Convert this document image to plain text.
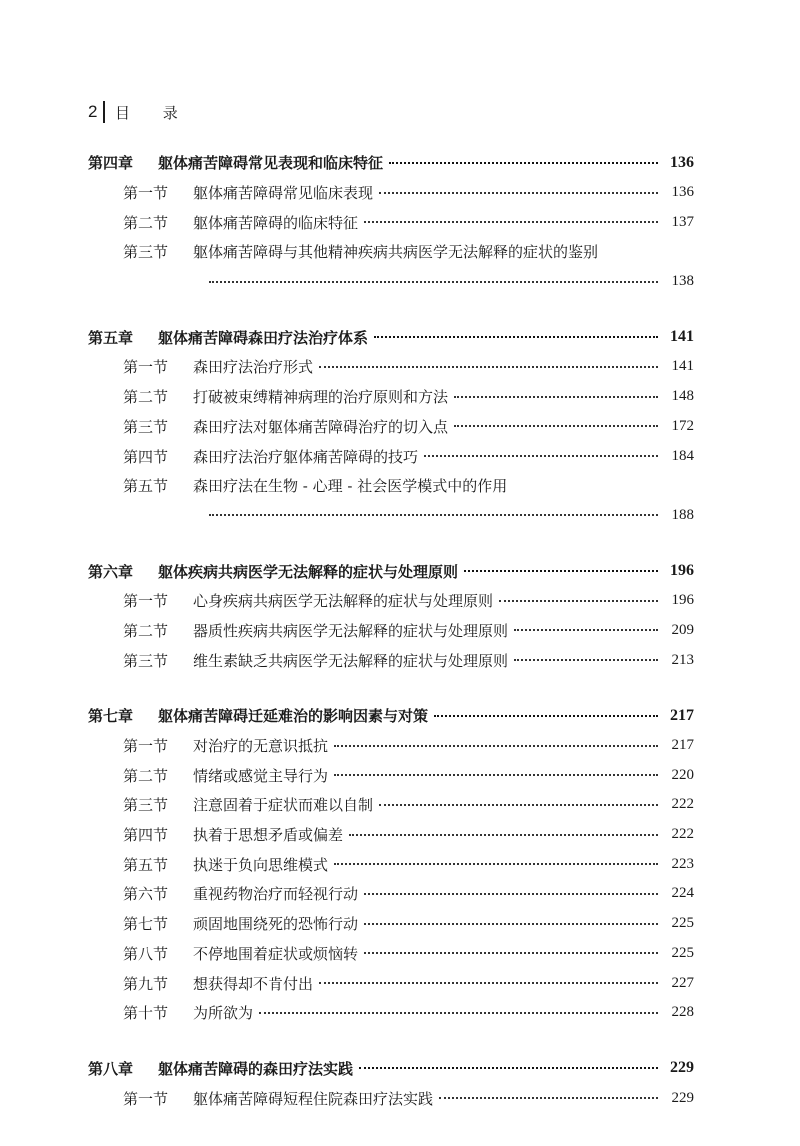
2 目 录
第四章	躯体痛苦障碍常见表现和临床特征	136
第一节	躯体痛苦障碍常见临床表现	136
第二节	躯体痛苦障碍的临床特征	137
第三节	躯体痛苦障碍与其他精神疾病共病医学无法解释的症状的鉴别
138
第五章	躯体痛苦障碍森田疗法治疗体系	141
第一节	森田疗法治疗形式	141
第二节	打破被束缚精神病理的治疗原则和方法	148
第三节	森田疗法对躯体痛苦障碍治疗的切入点	172
第四节	森田疗法治疗躯体痛苦障碍的技巧	184
第五节	森田疗法在生物 - 心理 - 社会医学模式中的作用
188
第六章	躯体疾病共病医学无法解释的症状与处理原则	196
第一节	心身疾病共病医学无法解释的症状与处理原则	196
第二节	器质性疾病共病医学无法解释的症状与处理原则	209
第三节	维生素缺乏共病医学无法解释的症状与处理原则	213
第七章	躯体痛苦障碍迁延难治的影响因素与对策	217
第一节	对治疗的无意识抵抗	217
第二节	情绪或感觉主导行为	220
第三节	注意固着于症状而难以自制	222
第四节	执着于思想矛盾或偏差	222
第五节	执迷于负向思维模式	223
第六节	重视药物治疗而轻视行动	224
第七节	顽固地围绕死的恐怖行动	225
第八节	不停地围着症状或烦恼转	225
第九节	想获得却不肯付出	227
第十节	为所欲为	228
第八章	躯体痛苦障碍的森田疗法实践	229
第一节	躯体痛苦障碍短程住院森田疗法实践	229
